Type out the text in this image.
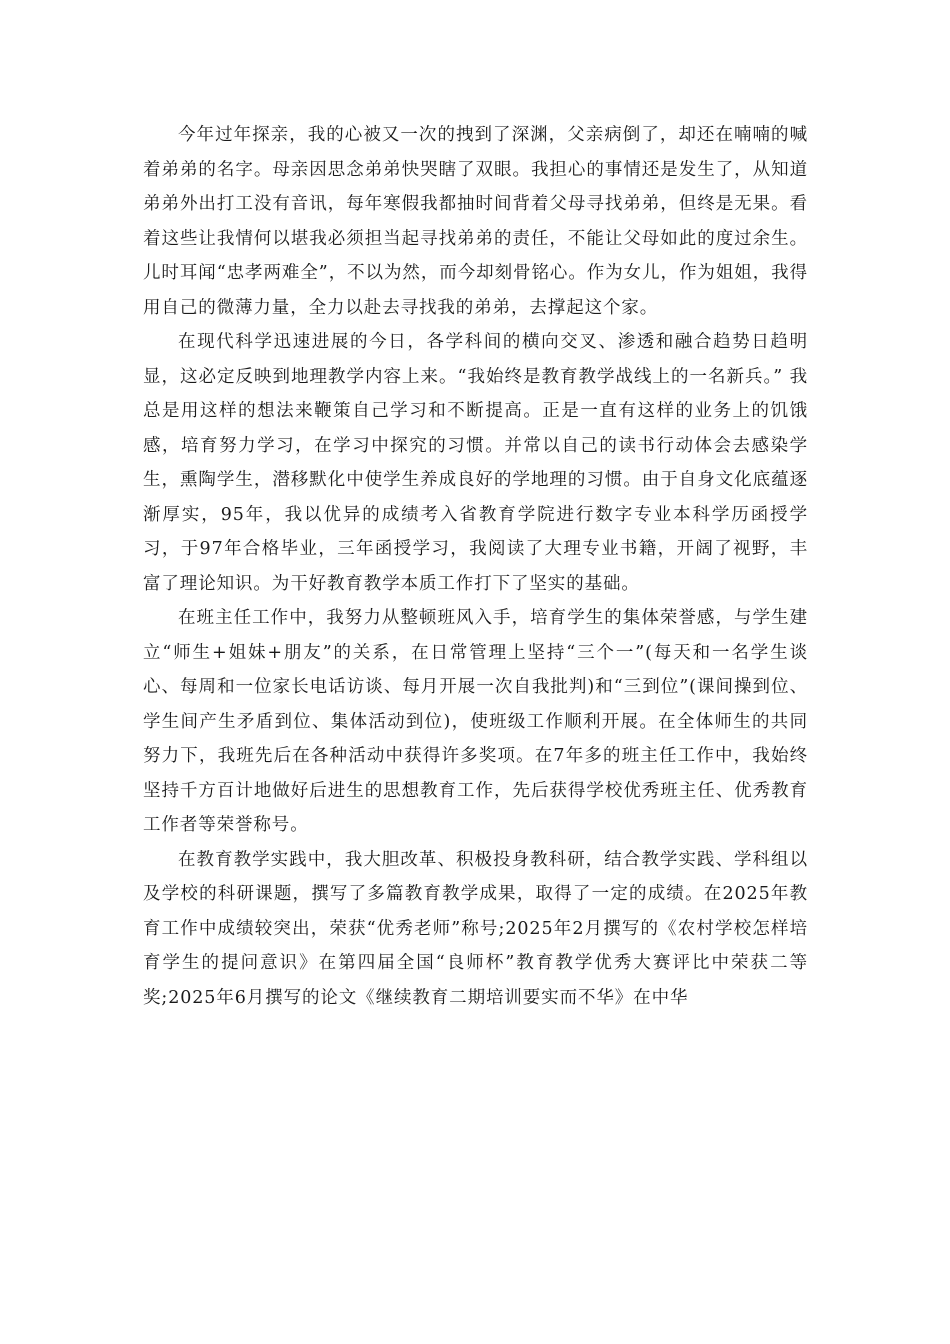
今年过年探亲，我的心被又一次的拽到了深渊，父亲病倒了，却还在喃喃的喊着弟弟的名字。母亲因思念弟弟快哭瞎了双眼。我担心的事情还是发生了，从知道弟弟外出打工没有音讯，每年寒假我都抽时间背着父母寻找弟弟，但终是无果。看着这些让我情何以堪我必须担当起寻找弟弟的责任，不能让父母如此的度过余生。儿时耳闻“忠孝两难全”，不以为然，而今却刻骨铭心。作为女儿，作为姐姐，我得用自己的微薄力量，全力以赴去寻找我的弟弟，去撑起这个家。

在现代科学迅速进展的今日，各学科间的横向交叉、渗透和融合趋势日趋明显，这必定反映到地理教学内容上来。“我始终是教育教学战线上的一名新兵。” 我总是用这样的想法来鞭策自己学习和不断提高。正是一直有这样的业务上的饥饿感，培育努力学习，在学习中探究的习惯。并常以自己的读书行动体会去感染学生，熏陶学生，潜移默化中使学生养成良好的学地理的习惯。由于自身文化底蕴逐渐厚实，95年，我以优异的成绩考入省教育学院进行数字专业本科学历函授学习，于97年合格毕业，三年函授学习，我阅读了大理专业书籍，开阔了视野，丰富了理论知识。为干好教育教学本质工作打下了坚实的基础。

在班主任工作中，我努力从整顿班风入手，培育学生的集体荣誉感，与学生建立“师生+姐妹+朋友”的关系，在日常管理上坚持“三个一”(每天和一名学生谈心、每周和一位家长电话访谈、每月开展一次自我批判)和“三到位”(课间操到位、学生间产生矛盾到位、集体活动到位)，使班级工作顺利开展。在全体师生的共同努力下，我班先后在各种活动中获得许多奖项。在7年多的班主任工作中，我始终坚持千方百计地做好后进生的思想教育工作，先后获得学校优秀班主任、优秀教育工作者等荣誉称号。

在教育教学实践中，我大胆改革、积极投身教科研，结合教学实践、学科组以及学校的科研课题，撰写了多篇教育教学成果，取得了一定的成绩。在2025年教育工作中成绩较突出，荣获“优秀老师”称号;2025年2月撰写的《农村学校怎样培育学生的提问意识》在第四届全国“良师杯”教育教学优秀大赛评比中荣获二等奖;2025年6月撰写的论文《继续教育二期培训要实而不华》在中华
